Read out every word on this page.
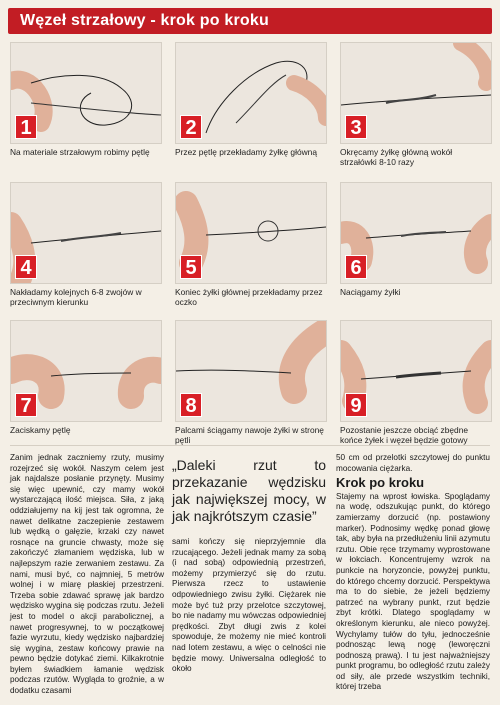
Węzeł strzałowy - krok po kroku
1
Na materiale strzałowym robimy pętlę
2
Przez pętlę przekładamy żyłkę główną
3
Okręcamy żyłkę główną wokół strzałówki 8-10 razy
4
Nakładamy kolejnych 6-8 zwojów w przeciwnym kierunku
5
Koniec żyłki głównej przekładamy przez oczko
6
Naciągamy żyłki
7
Zaciskamy pętlę
8
Palcami ściągamy nawoje żyłki w stronę pętli
9
Pozostanie jeszcze obciąć zbędne końce żyłek i węzeł będzie gotowy

Zanim jednak zaczniemy rzuty, musimy rozejrzeć się wokół. Naszym celem jest jak najdalsze posłanie przynęty. Musimy się więc upewnić, czy mamy wokół wystarczającą ilość miejsca. Siła, z jaką oddziałujemy na kij jest tak ogromna, że nawet delikatne zaczepienie zestawem lub wędką o gałęzie, krzaki czy nawet rosnące na gruncie chwasty, może się zakończyć złamaniem wędziska, lub w najlepszym razie zerwaniem zestawu. Za nami, musi być, co najmniej, 5 metrów wolnej i w miarę płaskiej przestrzeni. Trzeba sobie zdawać sprawę jak bardzo wędzisko wygina się podczas rzutu. Jeżeli jest to model o akcji parabolicznej, a nawet progresywnej, to w początkowej fazie wyrzutu, kiedy wędzisko najbardziej się wygina, zestaw końcowy prawie na pewno będzie dotykać ziemi. Kilkakrotnie byłem świadkiem łamanie wędzisk podczas rzutów. Wygląda to groźnie, a w dodatku czasami

„Daleki rzut to przekazanie wędzisku jak największej mocy, w jak najkrótszym czasie”

sami kończy się nieprzyjemnie dla rzucającego. Jeżeli jednak mamy za sobą (i nad sobą) odpowiednią przestrzeń, możemy przymierzyć się do rzutu. Pierwsza rzecz to ustawienie odpowiedniego zwisu żyłki. Ciężarek nie może być tuż przy przelotce szczytowej, bo nie nadamy mu wówczas odpowiedniej prędkości. Zbyt długi zwis z kolei spowoduje, że możemy nie mieć kontroli nad lotem zestawu, a więc o celności nie będzie mowy. Uniwersalna odległość to około

50 cm od przelotki szczytowej do punktu mocowania ciężarka.

Krok po kroku

Stajemy na wprost łowiska. Spoglądamy na wodę, odszukując punkt, do którego zamierzamy dorzucić (np. postawiony marker). Podnosimy wędkę ponad głowę tak, aby była na przedłużeniu linii azymutu rzutu. Obie ręce trzymamy wyprostowane w łokciach. Koncentrujemy wzrok na punkcie na horyzoncie, powyżej punktu, do którego chcemy dorzucić. Perspektywa ma to do siebie, że jeżeli będziemy patrzeć na wybrany punkt, rzut będzie zbyt krótki. Dlatego spoglądamy w określonym kierunku, ale nieco powyżej. Wychylamy tułów do tyłu, jednocześnie podnosząc lewą nogę (leworęczni podnoszą prawą). I tu jest najważniejszy punkt programu, bo odległość rzutu zależy od siły, ale przede wszystkim techniki, której trzeba
